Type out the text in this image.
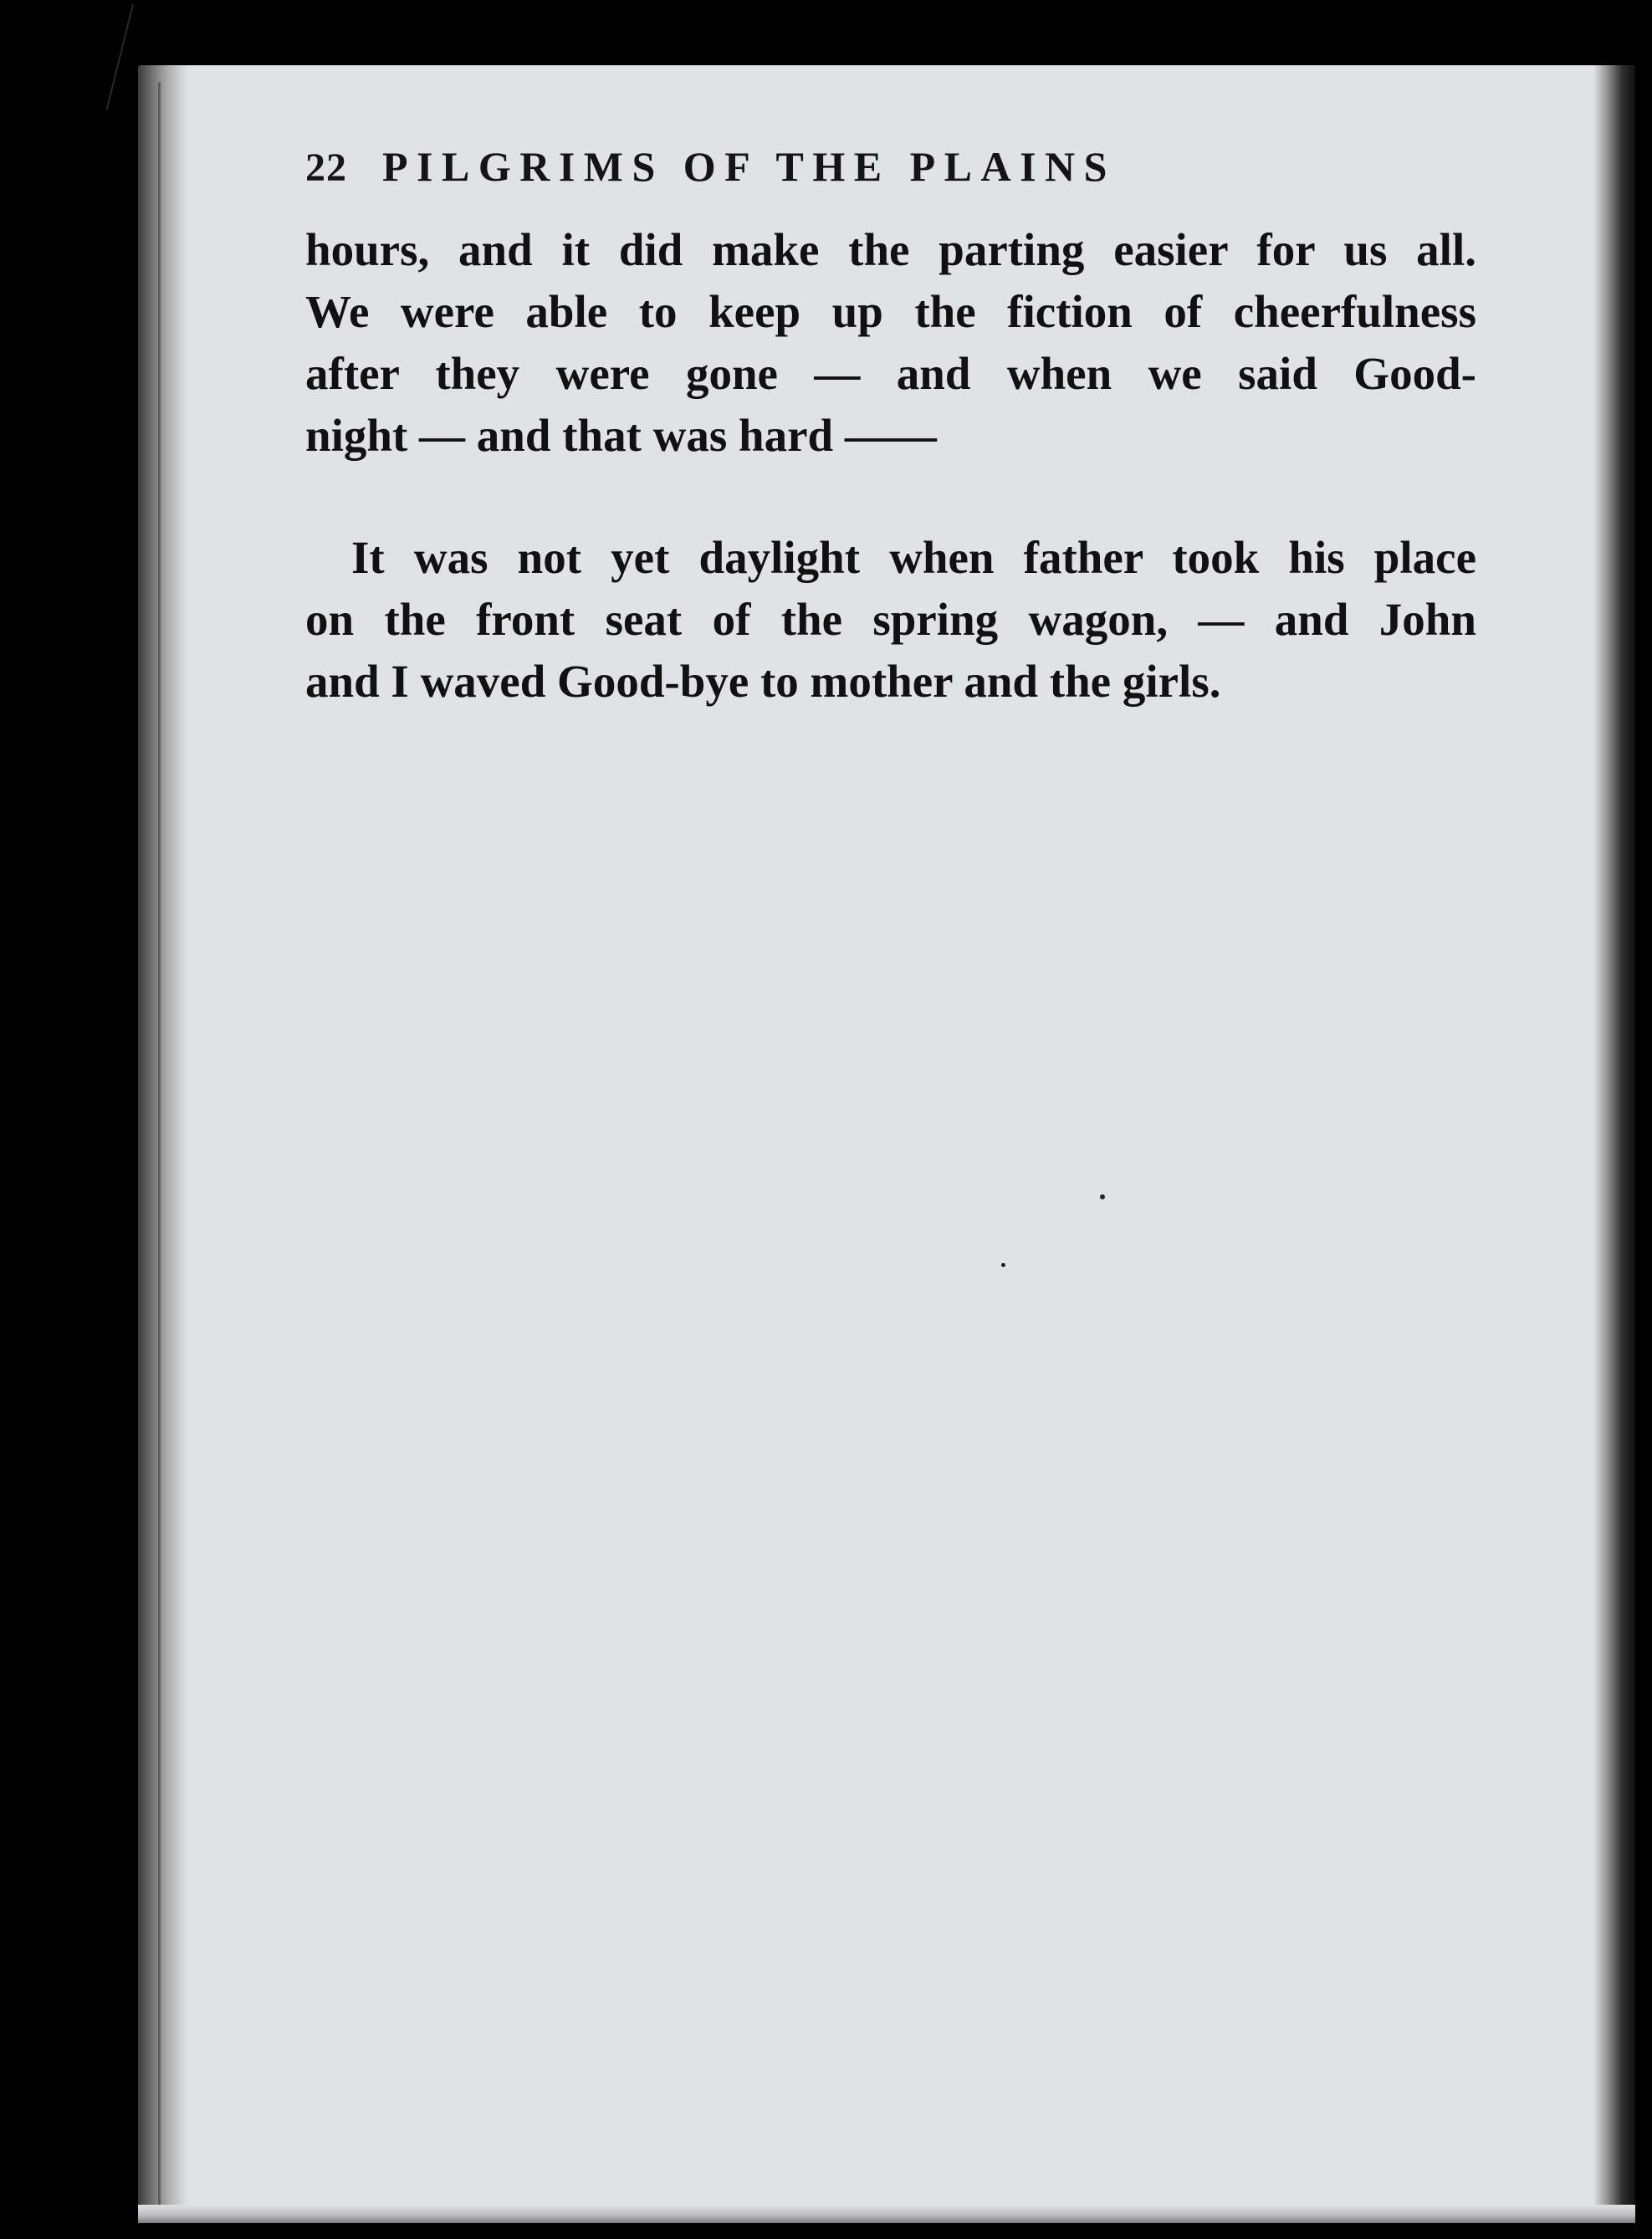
22 PILGRIMS OF THE PLAINS
hours, and it did make the parting easier for us all.
We were able to keep up the fiction of cheerfulness
after they were gone — and when we said Good-
night — and that was hard ——
It was not yet daylight when father took his place
on the front seat of the spring wagon, — and John
and I waved Good-bye to mother and the girls.
